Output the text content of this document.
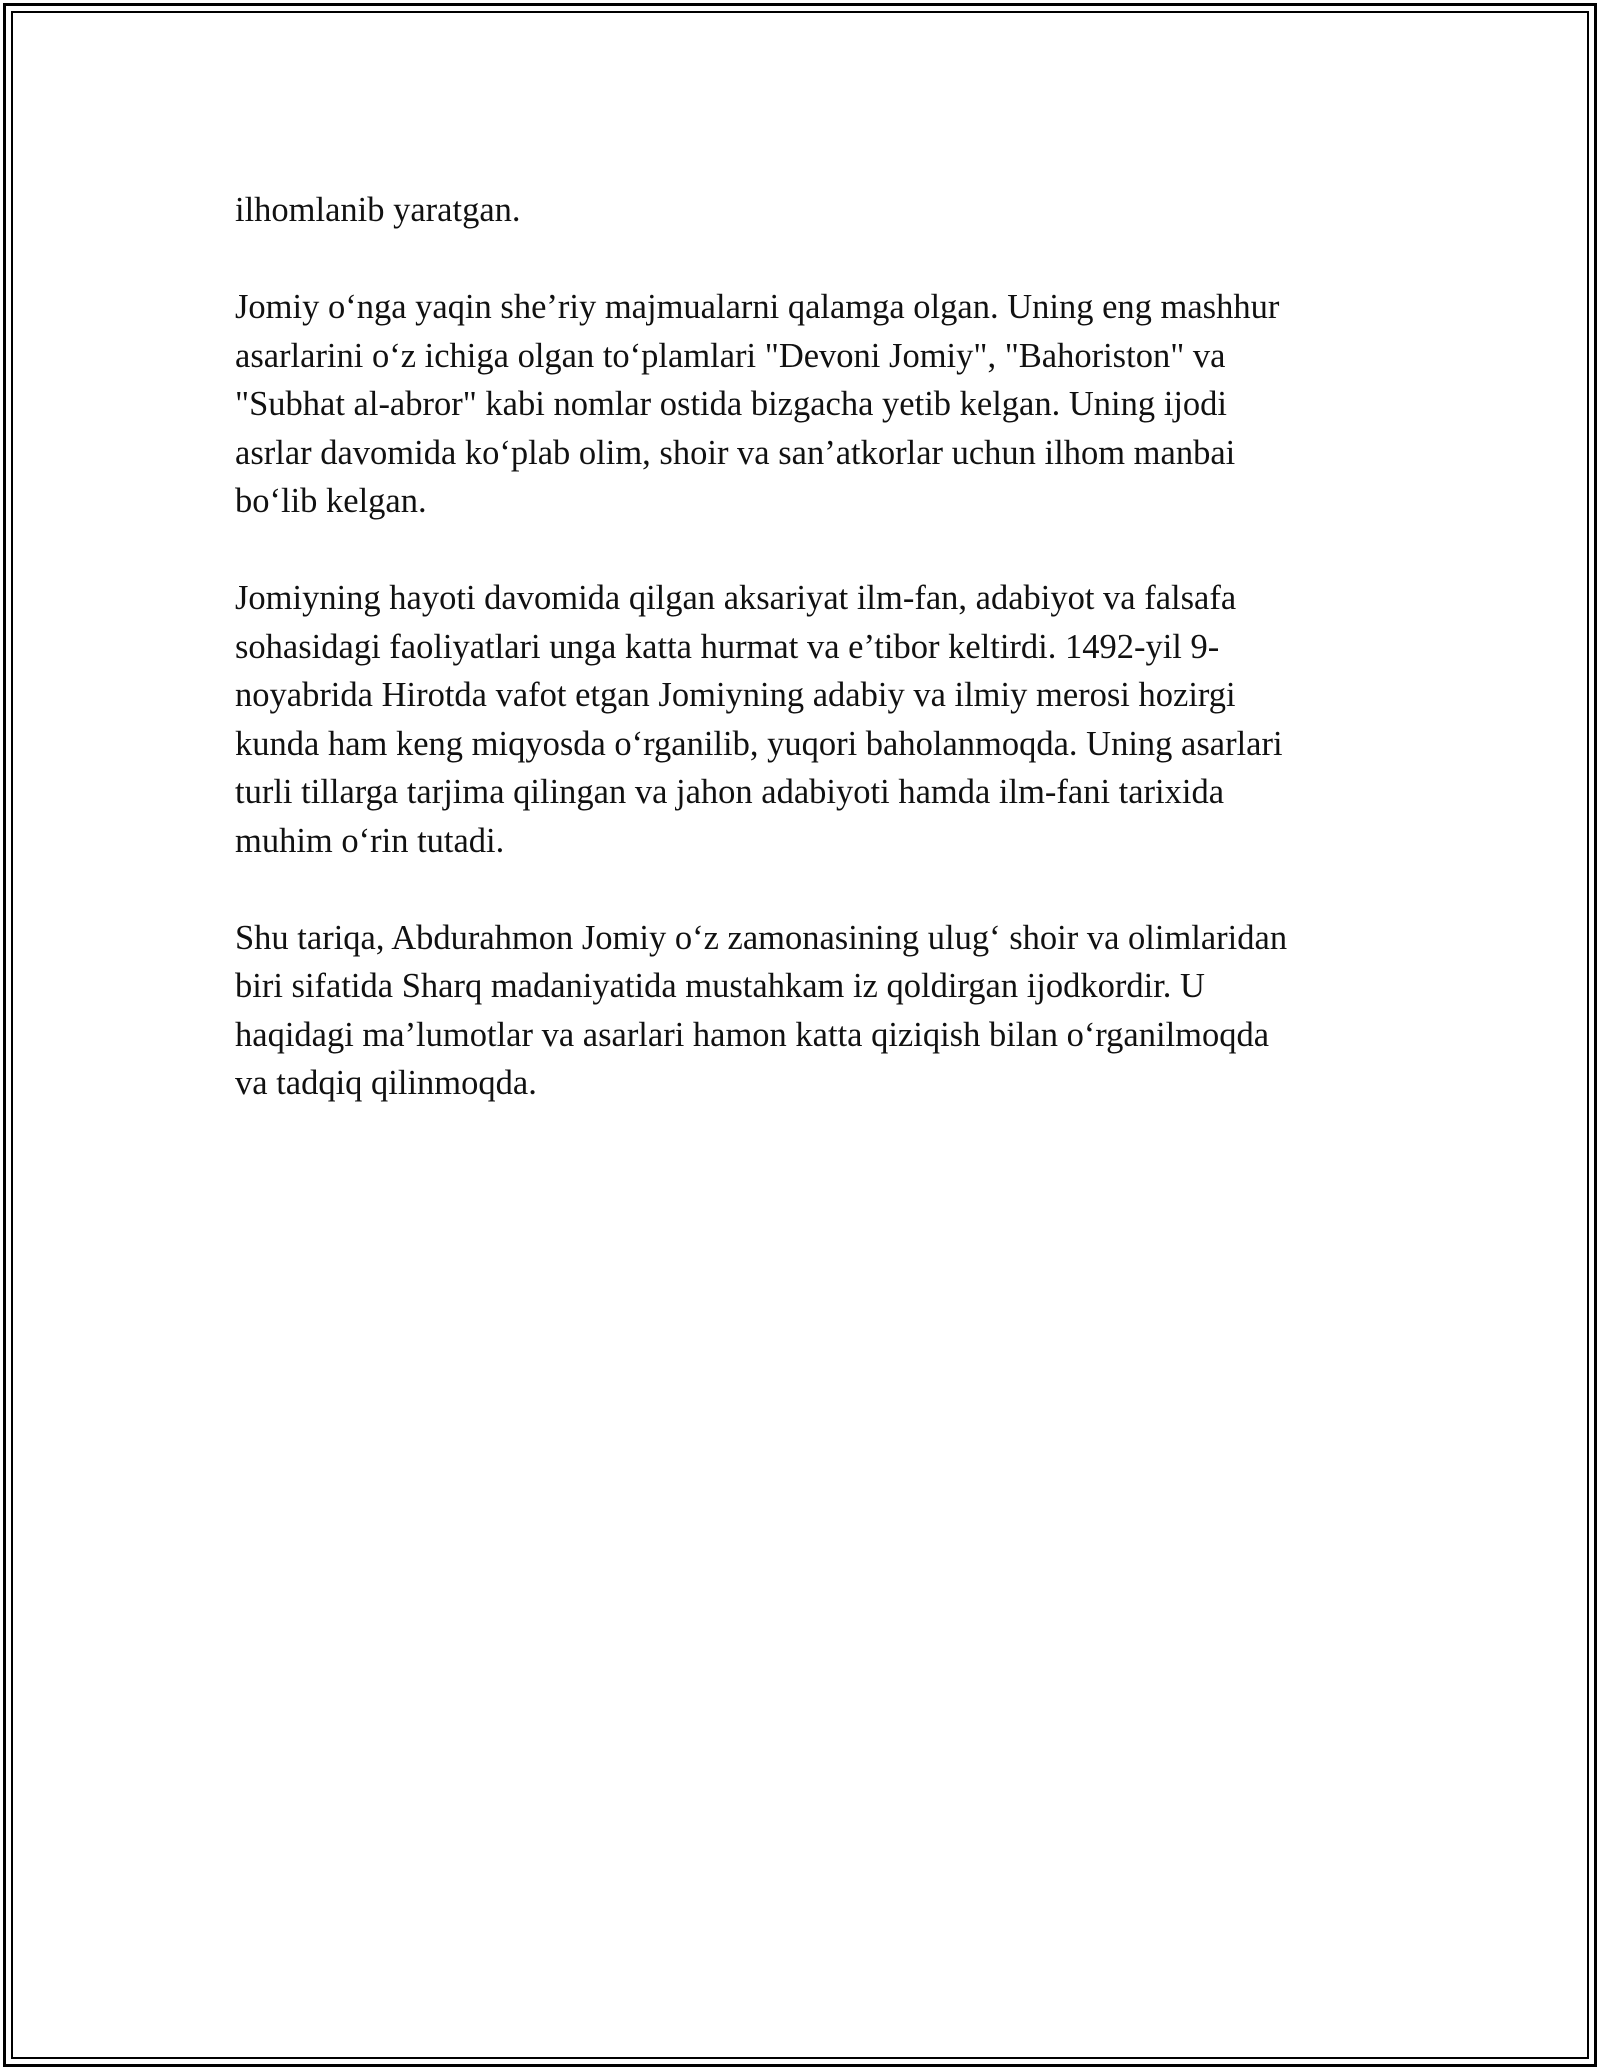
ilhomlanib yaratgan.

Jomiy o‘nga yaqin she’riy majmualarni qalamga olgan. Uning eng mashhur
asarlarini o‘z ichiga olgan to‘plamlari "Devoni Jomiy", "Bahoriston" va
"Subhat al-abror" kabi nomlar ostida bizgacha yetib kelgan. Uning ijodi
asrlar davomida ko‘plab olim, shoir va san’atkorlar uchun ilhom manbai
bo‘lib kelgan.

Jomiyning hayoti davomida qilgan aksariyat ilm-fan, adabiyot va falsafa
sohasidagi faoliyatlari unga katta hurmat va e’tibor keltirdi. 1492-yil 9-
noyabrida Hirotda vafot etgan Jomiyning adabiy va ilmiy merosi hozirgi
kunda ham keng miqyosda o‘rganilib, yuqori baholanmoqda. Uning asarlari
turli tillarga tarjima qilingan va jahon adabiyoti hamda ilm-fani tarixida
muhim o‘rin tutadi.

Shu tariqa, Abdurahmon Jomiy o‘z zamonasining ulug‘ shoir va olimlaridan
biri sifatida Sharq madaniyatida mustahkam iz qoldirgan ijodkordir. U
haqidagi ma’lumotlar va asarlari hamon katta qiziqish bilan o‘rganilmoqda
va tadqiq qilinmoqda.
